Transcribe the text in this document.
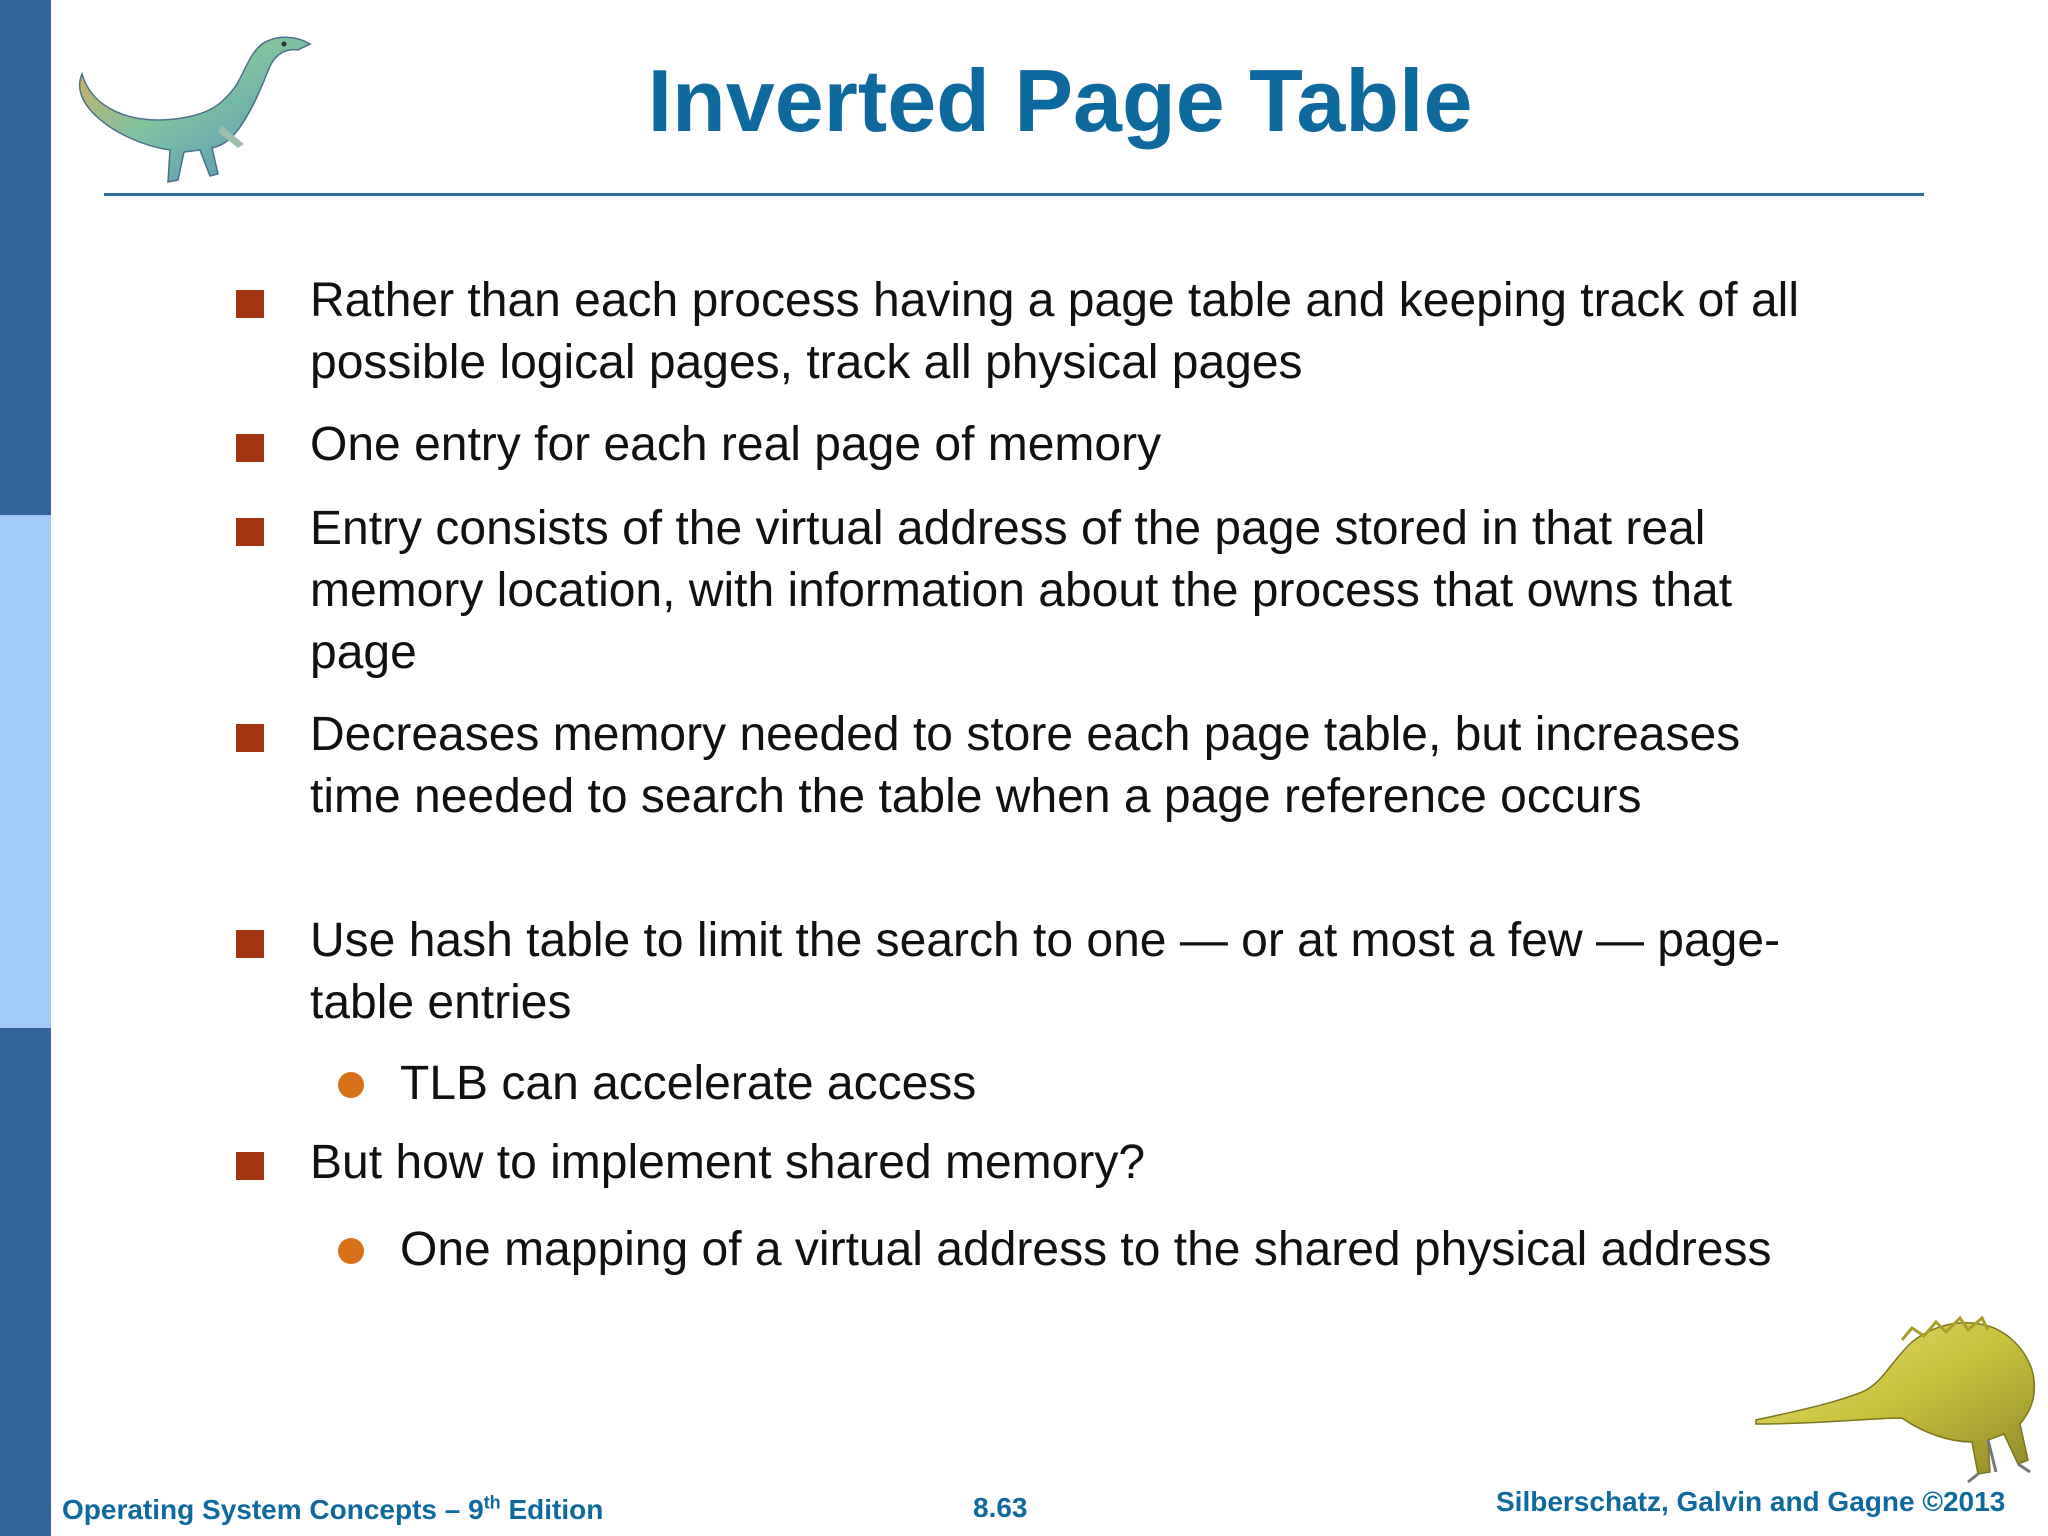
Inverted Page Table
Rather than each process having a page table and keeping track of all possible logical pages, track all physical pages
One entry for each real page of memory
Entry consists of the virtual address of the page stored in that real memory location, with information about the process that owns that page
Decreases memory needed to store each page table, but increases time needed to search the table when a page reference occurs
Use hash table to limit the search to one — or at most a few — page-table entries
TLB can accelerate access
But how to implement shared memory?
One mapping of a virtual address to the shared physical address
Operating System Concepts – 9th Edition	8.63	Silberschatz, Galvin and Gagne ©2013
